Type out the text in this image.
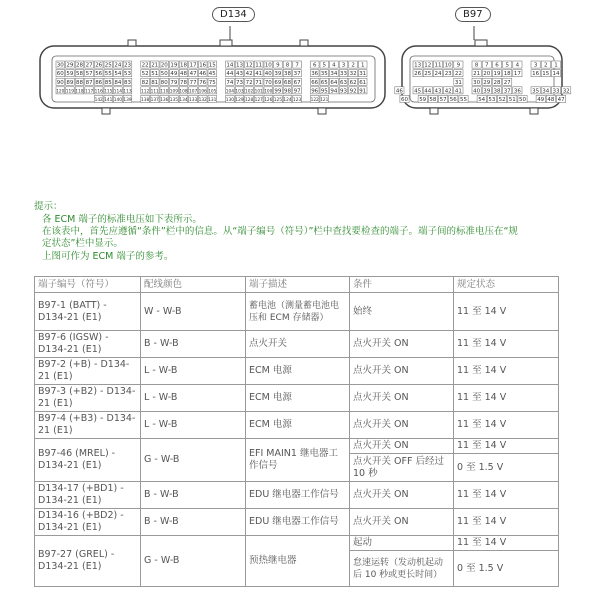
30 29 28 27 26 25 24 23 22 21 20 19 18 17 16 15 14 13 12 11 10 9 8 7	6 5 4 3 2 1
60 59 58 57 56 55 54 53 52 51 50 49 48 47 46 45 44 43 42 41 40 39 38 37 36 35 34 33 32 31
90 89 88 87 86 85 84 83 82 81 80 79 78 77 76 75 74 73 72 71 70 69 68 67 66 65 64 63 62 61
120 119 118 117 116 115 114 113 112 111 110 109 108 107 106 105 104 103 102 101 100 99 98 97 96 95 94 93 92 91
142 141 140 139 138 137 136 135 134 133 132 131 130 129 128 127 126 125 124 123 122 121
13 12 11 10 9	8 7 6 5 4	3 2 1
26 25 24 23 22 21 20 19 18 17 16 15 14
31 30 29 28 27
46 45 44 43 42 41 40 39 38 37 36 35 34 33 32
60 59 58 57 56 55 54 53 52 51 50 49 48 47
D134	B97
提示：
各 ECM 端子的标准电压如下表所示。
在该表中，首先应遵循“条件”栏中的信息。从“端子编号（符号）”栏中查找要检查的端子。端子间的标准电压在“规
定状态”栏中显示。
上图可作为 ECM 端子的参考。
端子编号（符号）	配线颜色	端子描述	条件	规定状态
B97-1 (BATT) - D134-21 (E1)	W - W-B	蓄电池（测量蓄电池电压和 ECM 存储器）	始终	11 至 14 V
B97-6 (IGSW) - D134-21 (E1)	B - W-B	点火开关	点火开关 ON	11 至 14 V
B97-2 (+B) - D134-21 (E1)	L - W-B	ECM 电源	点火开关 ON	11 至 14 V
B97-3 (+B2) - D134-21 (E1)	L - W-B	ECM 电源	点火开关 ON	11 至 14 V
B97-4 (+B3) - D134-21 (E1)	L - W-B	ECM 电源	点火开关 ON	11 至 14 V
B97-46 (MREL) - D134-21 (E1)	G - W-B	EFI MAIN1 继电器工作信号	点火开关 ON	11 至 14 V
			点火开关 OFF 后经过 10 秒	0 至 1.5 V
D134-17 (+BD1) - D134-21 (E1)	B - W-B	EDU 继电器工作信号	点火开关 ON	11 至 14 V
D134-16 (+BD2) - D134-21 (E1)	B - W-B	EDU 继电器工作信号	点火开关 ON	11 至 14 V
B97-27 (GREL) - D134-21 (E1)	G - W-B	预热继电器	起动	11 至 14 V
			怠速运转（发动机起动后 10 秒或更长时间）	0 至 1.5 V
